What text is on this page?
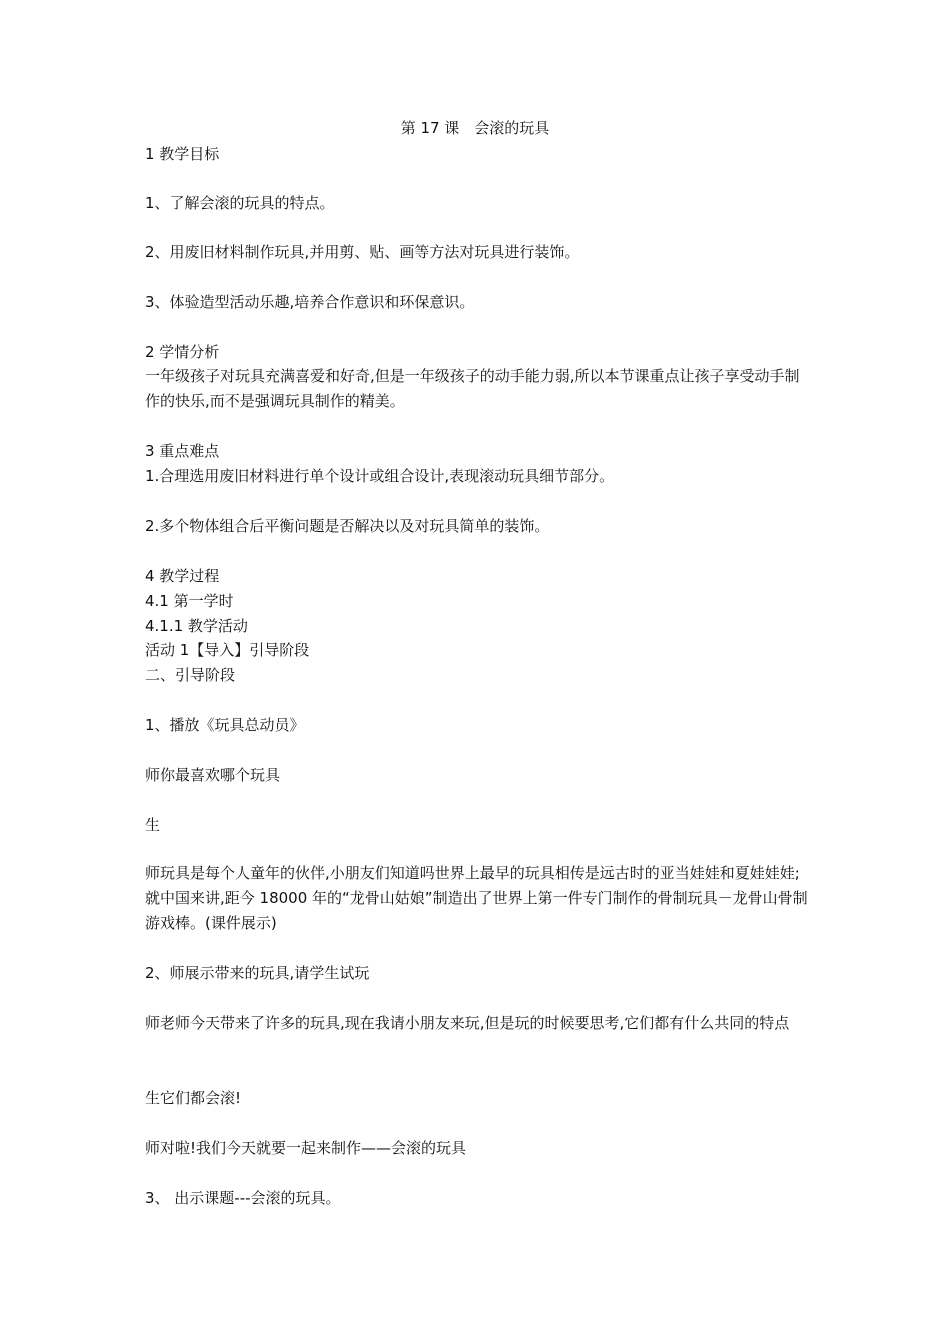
第 17 课　会滚的玩具
1 教学目标
1、了解会滚的玩具的特点。
2、用废旧材料制作玩具,并用剪、贴、画等方法对玩具进行装饰。
3、体验造型活动乐趣,培养合作意识和环保意识。
2 学情分析
一年级孩子对玩具充满喜爱和好奇,但是一年级孩子的动手能力弱,所以本节课重点让孩子享受动手制作的快乐,而不是强调玩具制作的精美。
3 重点难点
1.合理选用废旧材料进行单个设计或组合设计,表现滚动玩具细节部分。
2.多个物体组合后平衡问题是否解决以及对玩具简单的装饰。
4 教学过程
4.1 第一学时
4.1.1 教学活动
活动 1【导入】引导阶段
二、引导阶段
1、播放《玩具总动员》
师你最喜欢哪个玩具
生
师玩具是每个人童年的伙伴,小朋友们知道吗世界上最早的玩具相传是远古时的亚当娃娃和夏娃娃娃;就中国来讲,距今 18000 年的“龙骨山姑娘”制造出了世界上第一件专门制作的骨制玩具－龙骨山骨制游戏棒。(课件展示)
2、师展示带来的玩具,请学生试玩
师老师今天带来了许多的玩具,现在我请小朋友来玩,但是玩的时候要思考,它们都有什么共同的特点
生它们都会滚!
师对啦!我们今天就要一起来制作——会滚的玩具
3、 出示课题---会滚的玩具。
